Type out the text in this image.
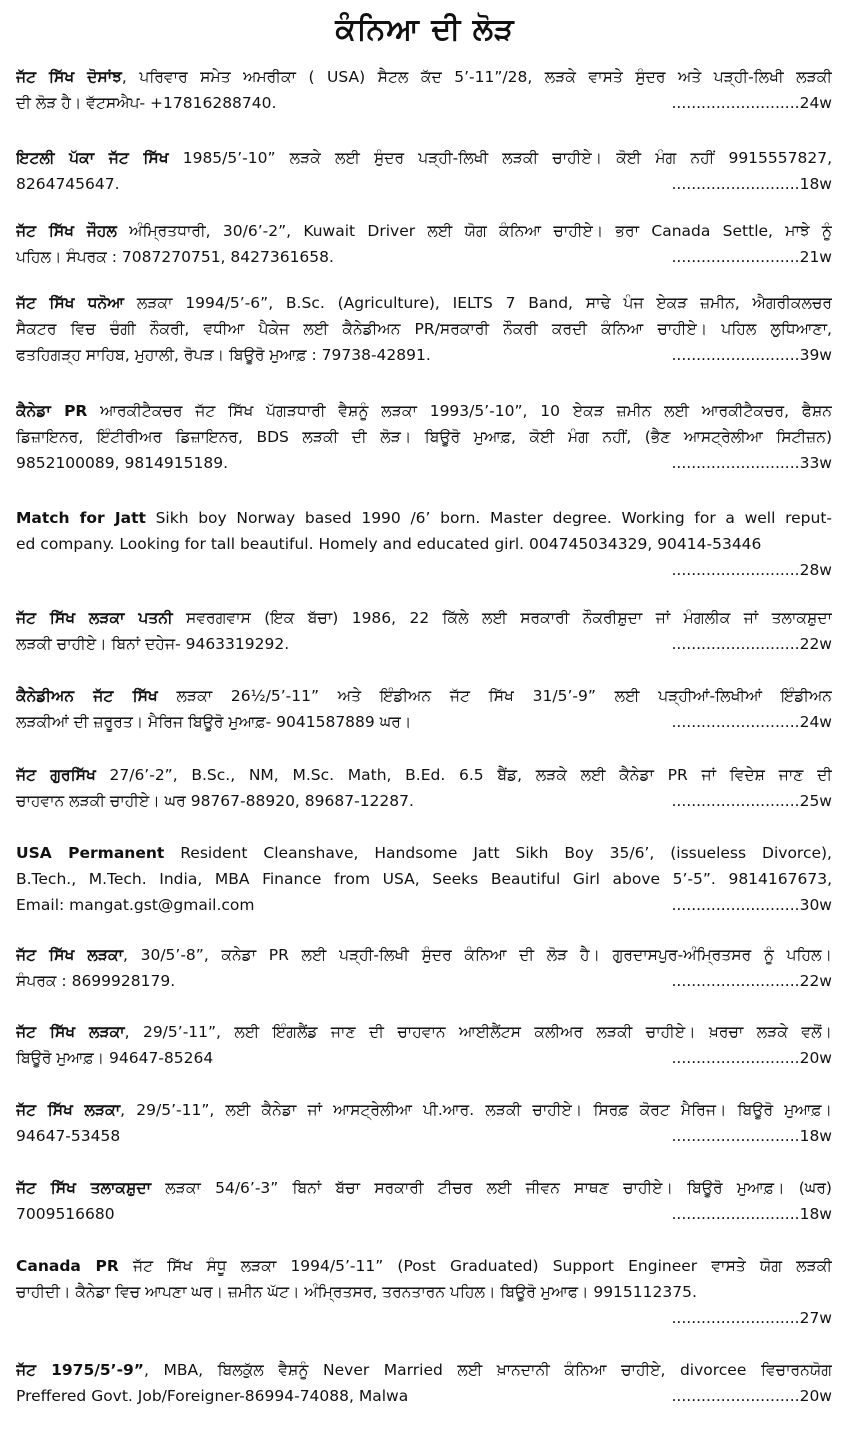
ਕੰਨਿਆ ਦੀ ਲੋੜ

ਜੱਟ ਸਿੱਖ ਦੋਸਾਂਝ, ਪਰਿਵਾਰ ਸਮੇਤ ਅਮਰੀਕਾ ( USA) ਸੈਟਲ ਕੱਦ 5’-11”/28, ਲੜਕੇ ਵਾਸਤੇ ਸੁੰਦਰ ਅਤੇ ਪੜ੍ਹੀ-ਲਿਖੀ ਲੜਕੀ

ਦੀ ਲੋੜ ਹੈ। ਵੱਟਸਐਪ- +17816288740.	..........................24w

ਇਟਲੀ ਪੱਕਾ ਜੱਟ ਸਿੱਖ 1985/5’-10” ਲੜਕੇ ਲਈ ਸੁੰਦਰ ਪੜ੍ਹੀ-ਲਿਖੀ ਲੜਕੀ ਚਾਹੀਏ। ਕੋਈ ਮੰਗ ਨਹੀਂ 9915557827,

8264745647.	..........................18w

ਜੱਟ ਸਿੱਖ ਜੌਹਲ ਅੰਮ੍ਰਿਤਧਾਰੀ, 30/6’-2”, Kuwait Driver ਲਈ ਯੋਗ ਕੰਨਿਆ ਚਾਹੀਏ। ਭਰਾ Canada Settle, ਮਾਝੇ ਨੂੰ

ਪਹਿਲ। ਸੰਪਰਕ : 7087270751, 8427361658.	..........................21w

ਜੱਟ ਸਿੱਖ ਧਨੋਆ ਲੜਕਾ 1994/5’-6”, B.Sc. (Agriculture), IELTS 7 Band, ਸਾਢੇ ਪੰਜ ਏਕੜ ਜ਼ਮੀਨ, ਐਗਰੀਕਲਚਰ

ਸੈਕਟਰ ਵਿਚ ਚੰਗੀ ਨੌਕਰੀ, ਵਧੀਆ ਪੈਕੇਜ ਲਈ ਕੈਨੇਡੀਅਨ PR/ਸਰਕਾਰੀ ਨੌਕਰੀ ਕਰਦੀ ਕੰਨਿਆ ਚਾਹੀਏ। ਪਹਿਲ ਲੁਧਿਆਣਾ,

ਫਤਹਿਗੜ੍ਹ ਸਾਹਿਬ, ਮੁਹਾਲੀ, ਰੋਪੜ। ਬਿਊਰੋ ਮੁਆਫ਼ : 79738-42891.	..........................39w

ਕੈਨੇਡਾ PR ਆਰਕੀਟੈਕਚਰ ਜੱਟ ਸਿੱਖ ਪੱਗੜਧਾਰੀ ਵੈਸ਼ਨੂੰ ਲੜਕਾ 1993/5’-10”, 10 ਏਕੜ ਜ਼ਮੀਨ ਲਈ ਆਰਕੀਟੈਕਚਰ, ਫੈਸ਼ਨ

ਡਿਜ਼ਾਇਨਰ, ਇੰਟੀਰੀਅਰ ਡਿਜ਼ਾਇਨਰ, BDS ਲੜਕੀ ਦੀ ਲੋੜ। ਬਿਊਰੋ ਮੁਆਫ਼, ਕੋਈ ਮੰਗ ਨਹੀਂ, (ਭੈਣ ਆਸਟ੍ਰੇਲੀਆ ਸਿਟੀਜ਼ਨ)

9852100089, 9814915189.	..........................33w

Match for Jatt Sikh boy Norway based 1990 /6’ born. Master degree. Working for a well reput-

ed company. Looking for tall beautiful. Homely and educated girl. 004745034329, 90414-53446

..........................28w

ਜੱਟ ਸਿੱਖ ਲੜਕਾ ਪਤਨੀ ਸਵਰਗਵਾਸ (ਇਕ ਬੱਚਾ) 1986, 22 ਕਿੱਲੇ ਲਈ ਸਰਕਾਰੀ ਨੌਕਰੀਸ਼ੁਦਾ ਜਾਂ ਮੰਗਲੀਕ ਜਾਂ ਤਲਾਕਸ਼ੁਦਾ

ਲੜਕੀ ਚਾਹੀਏ। ਬਿਨਾਂ ਦਹੇਜ- 9463319292.	..........................22w

ਕੈਨੇਡੀਅਨ ਜੱਟ ਸਿੱਖ ਲੜਕਾ 26½/5’-11” ਅਤੇ ਇੰਡੀਅਨ ਜੱਟ ਸਿੱਖ 31/5’-9” ਲਈ ਪੜ੍ਹੀਆਂ-ਲਿਖੀਆਂ ਇੰਡੀਅਨ

ਲੜਕੀਆਂ ਦੀ ਜ਼ਰੂਰਤ। ਮੈਰਿਜ ਬਿਊਰੋ ਮੁਆਫ਼- 9041587889 ਘਰ।	..........................24w

ਜੱਟ ਗੁਰਸਿੱਖ 27/6’-2”, B.Sc., NM, M.Sc. Math, B.Ed. 6.5 ਬੈਂਡ, ਲੜਕੇ ਲਈ ਕੈਨੇਡਾ PR ਜਾਂ ਵਿਦੇਸ਼ ਜਾਣ ਦੀ

ਚਾਹਵਾਨ ਲੜਕੀ ਚਾਹੀਏ। ਘਰ 98767-88920, 89687-12287.	..........................25w

USA Permanent Resident Cleanshave, Handsome Jatt Sikh Boy 35/6’, (issueless Divorce),

B.Tech., M.Tech. India, MBA Finance from USA, Seeks Beautiful Girl above 5’-5”. 9814167673,

Email: mangat.gst@gmail.com	..........................30w

ਜੱਟ ਸਿੱਖ ਲੜਕਾ, 30/5’-8”, ਕਨੇਡਾ PR ਲਈ ਪੜ੍ਹੀ-ਲਿਖੀ ਸੁੰਦਰ ਕੰਨਿਆ ਦੀ ਲੋੜ ਹੈ। ਗੁਰਦਾਸਪੁਰ-ਅੰਮ੍ਰਿਤਸਰ ਨੂੰ ਪਹਿਲ।

ਸੰਪਰਕ : 8699928179.	..........................22w

ਜੱਟ ਸਿੱਖ ਲੜਕਾ, 29/5’-11”, ਲਈ ਇੰਗਲੈਂਡ ਜਾਣ ਦੀ ਚਾਹਵਾਨ ਆਈਲੈਂਟਸ ਕਲੀਅਰ ਲੜਕੀ ਚਾਹੀਏ। ਖ਼ਰਚਾ ਲੜਕੇ ਵਲੋਂ।

ਬਿਊਰੋ ਮੁਆਫ਼। 94647-85264	..........................20w

ਜੱਟ ਸਿੱਖ ਲੜਕਾ, 29/5’-11”, ਲਈ ਕੈਨੇਡਾ ਜਾਂ ਆਸਟ੍ਰੇਲੀਆ ਪੀ.ਆਰ. ਲੜਕੀ ਚਾਹੀਏ। ਸਿਰਫ਼ ਕੋਰਟ ਮੈਰਿਜ। ਬਿਊਰੋ ਮੁਆਫ਼।

94647-53458	..........................18w

ਜੱਟ ਸਿੱਖ ਤਲਾਕਸ਼ੁਦਾ ਲੜਕਾ 54/6’-3” ਬਿਨਾਂ ਬੱਚਾ ਸਰਕਾਰੀ ਟੀਚਰ ਲਈ ਜੀਵਨ ਸਾਥਣ ਚਾਹੀਏ। ਬਿਊਰੋ ਮੁਆਫ਼। (ਘਰ)

7009516680	..........................18w

Canada PR ਜੱਟ ਸਿੱਖ ਸੰਧੂ ਲੜਕਾ 1994/5’-11” (Post Graduated) Support Engineer ਵਾਸਤੇ ਯੋਗ ਲੜਕੀ

ਚਾਹੀਦੀ। ਕੈਨੇਡਾ ਵਿਚ ਆਪਣਾ ਘਰ। ਜ਼ਮੀਨ ਘੱਟ। ਅੰਮ੍ਰਿਤਸਰ, ਤਰਨਤਾਰਨ ਪਹਿਲ। ਬਿਊਰੋ ਮੁਆਫ। 9915112375.

..........................27w

ਜੱਟ 1975/5’-9”, MBA, ਬਿਲਕੁੱਲ ਵੈਸ਼ਨੂੰ Never Married ਲਈ ਖ਼ਾਨਦਾਨੀ ਕੰਨਿਆ ਚਾਹੀਏ, divorcee ਵਿਚਾਰਨਯੋਗ

Preffered Govt. Job/Foreigner-86994-74088, Malwa	..........................20w
